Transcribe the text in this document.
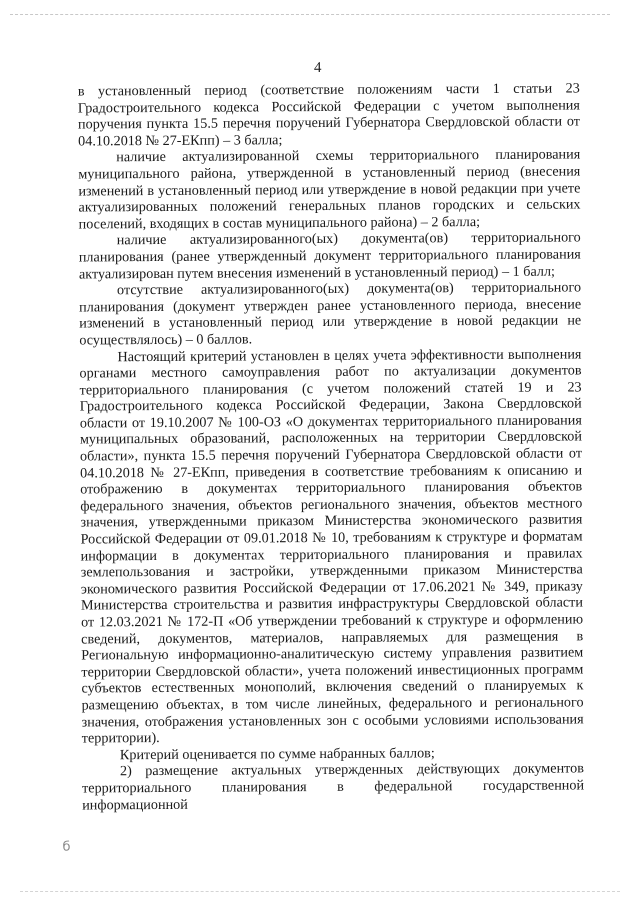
4

в установленный период (соответствие положениям части 1 статьи 23 Градостроительного кодекса Российской Федерации с учетом выполнения поручения пункта 15.5 перечня поручений Губернатора Свердловской области от 04.10.2018 № 27-ЕКпп) – 3 балла;

наличие актуализированной схемы территориального планирования муниципального района, утвержденной в установленный период (внесения изменений в установленный период или утверждение в новой редакции при учете актуализированных положений генеральных планов городских и сельских поселений, входящих в состав муниципального района) – 2 балла;

наличие актуализированного(ых) документа(ов) территориального планирования (ранее утвержденный документ территориального планирования актуализирован путем внесения изменений в установленный период) – 1 балл;

отсутствие актуализированного(ых) документа(ов) территориального планирования (документ утвержден ранее установленного периода, внесение изменений в установленный период или утверждение в новой редакции не осуществлялось) – 0 баллов.

Настоящий критерий установлен в целях учета эффективности выполнения органами местного самоуправления работ по актуализации документов территориального планирования (с учетом положений статей 19 и 23 Градостроительного кодекса Российской Федерации, Закона Свердловской области от 19.10.2007 № 100-ОЗ «О документах территориального планирования муниципальных образований, расположенных на территории Свердловской области», пункта 15.5 перечня поручений Губернатора Свердловской области от 04.10.2018 № 27-ЕКпп, приведения в соответствие требованиям к описанию и отображению в документах территориального планирования объектов федерального значения, объектов регионального значения, объектов местного значения, утвержденными приказом Министерства экономического развития Российской Федерации от 09.01.2018 № 10, требованиям к структуре и форматам информации в документах территориального планирования и правилах землепользования и застройки, утвержденными приказом Министерства экономического развития Российской Федерации от 17.06.2021 № 349, приказу Министерства строительства и развития инфраструктуры Свердловской области от 12.03.2021 № 172-П «Об утверждении требований к структуре и оформлению сведений, документов, материалов, направляемых для размещения в Региональную информационно-аналитическую систему управления развитием территории Свердловской области», учета положений инвестиционных программ субъектов естественных монополий, включения сведений о планируемых к размещению объектах, в том числе линейных, федерального и регионального значения, отображения установленных зон с особыми условиями использования территории).

Критерий оценивается по сумме набранных баллов;

2) размещение актуальных утвержденных действующих документов территориального планирования в федеральной государственной информационной

б
